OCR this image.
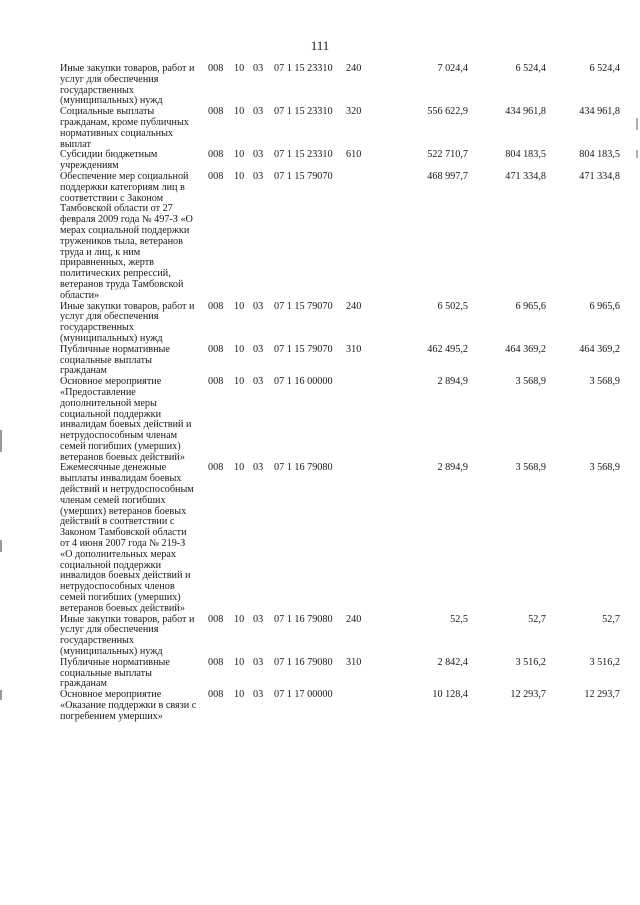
111
Иные закупки товаров, работ и
услуг для обеспечения
государственных
(муниципальных) нужд
008 10 03 07 1 15 23310 240	7 024,4	6 524,4	6 524,4
Социальные выплаты
гражданам, кроме публичных
нормативных социальных
выплат
008 10 03 07 1 15 23310 320	556 622,9	434 961,8	434 961,8
Субсидии бюджетным
учреждениям
008 10 03 07 1 15 23310 610	522 710,7	804 183,5	804 183,5
Обеспечение мер социальной
поддержки категориям лиц в
соответствии с Законом
Тамбовской области от 27
февраля 2009 года № 497-З «О
мерах социальной поддержки
тружеников тыла, ветеранов
труда и лиц, к ним
приравненных, жертв
политических репрессий,
ветеранов труда Тамбовской
области»
008 10 03 07 1 15 79070	468 997,7	471 334,8	471 334,8
Иные закупки товаров, работ и
услуг для обеспечения
государственных
(муниципальных) нужд
008 10 03 07 1 15 79070 240	6 502,5	6 965,6	6 965,6
Публичные нормативные
социальные выплаты
гражданам
008 10 03 07 1 15 79070 310	462 495,2	464 369,2	464 369,2
Основное мероприятие
«Предоставление
дополнительной меры
социальной поддержки
инвалидам боевых действий и
нетрудоспособным членам
семей погибших (умерших)
ветеранов боевых действий»
008 10 03 07 1 16 00000	2 894,9	3 568,9	3 568,9
Ежемесячные денежные
выплаты инвалидам боевых
действий и нетрудоспособным
членам семей погибших
(умерших) ветеранов боевых
действий в соответствии с
Законом Тамбовской области
от 4 июня 2007 года № 219-З
«О дополнительных мерах
социальной поддержки
инвалидов боевых действий и
нетрудоспособных членов
семей погибших (умерших)
ветеранов боевых действий»
008 10 03 07 1 16 79080	2 894,9	3 568,9	3 568,9
Иные закупки товаров, работ и
услуг для обеспечения
государственных
(муниципальных) нужд
008 10 03 07 1 16 79080 240	52,5	52,7	52,7
Публичные нормативные
социальные выплаты
гражданам
008 10 03 07 1 16 79080 310	2 842,4	3 516,2	3 516,2
Основное мероприятие
«Оказание поддержки в связи с
погребением умерших»
008 10 03 07 1 17 00000	10 128,4	12 293,7	12 293,7
